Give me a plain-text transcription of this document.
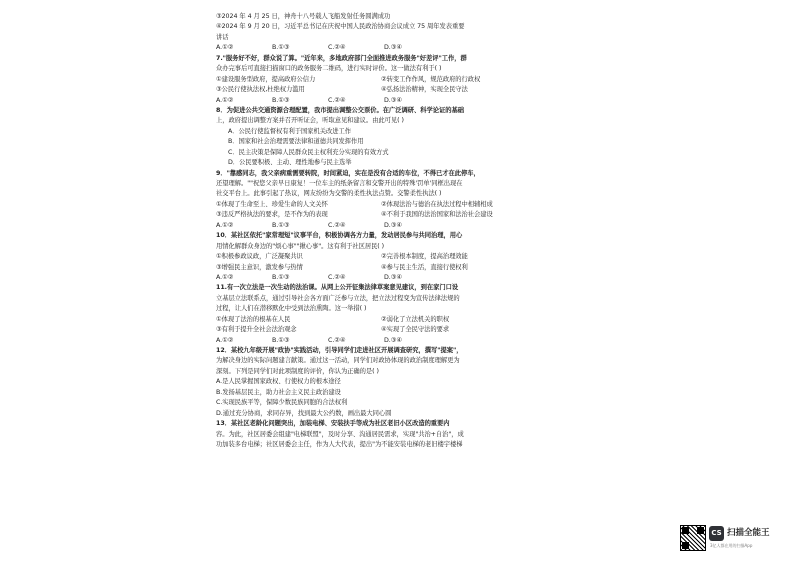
③2024 年 4 月 25 日，神舟十八号载人飞船发射任务圆满成功
④2024 年 9 月 20 日，习近平总书记在庆祝中国人民政治协商会议成立 75 周年发表重要
讲话
A.①②	B.①③	C.②④	D.③④
7."服务好不好，群众说了算。"近年来，多地政府部门全面推进政务服务"好差评"工作，群
众办完事后可直接扫描窗口的政务服务二维码，进行实时评价。这一做法有利于( )
①建设服务型政府，提高政府公信力	②转变工作作风，规范政府的行政权
③公民行使执法权,杜绝权力滥用	④弘扬法治精神，实现全民守法
A.①②	B.①③	C.②④	D.③④
8．为促进公共交通资源合理配置，我市提出调整公交票价。在广泛调研、科学论证的基础
上，政府提出调整方案并召开听证会，听取意见和建议。由此可见( )
A．公民行使监督权有利于国家机关改进工作
B．国家和社会治理需要法律和道德共同发挥作用
C．民主决策是保障人民群众民主权利充分实现的有效方式
D．公民要积极、主动、理性地参与民主选举
9．"靠感同志，我父亲病重需要转院，时间紧迫，实在是没有合适的车位，不得已才在此停车，
还望理解。""祝您父亲早日康复！一位车主的纸条留言和交警开出的特殊'罚单'同框出现在
社交平台上。此事引起了热议，网友纷纷为交警的柔性执法点赞。交警柔性执法( )
①体现了生命至上、珍爱生命的人文关怀	②体现法治与德治在执法过程中相辅相成
③违反严格执法的要求，是不作为的表现	④不利于我国的法治国家和法治社会建设
A.①②	B.①③	C.②④	D.③④
10．某社区依托"家常理短"议事平台，积极协调各方力量，发动居民参与共同治理，用心
用情化解群众身边的"烦心事""揪心事"。这有利于社区居民( )
①积极参政议政，广泛凝聚共识	②完善根本制度，提高治理效能
③增强民主意识，激发参与热情	④参与民主生活，直接行使权利
A.①②	B.①③	C.②④	D.③④
11.有一次立法是一次生动的法治课。从网上公开征集法律草案意见建议，到在家门口设
立基层立法联系点，通过引导社会各方面广泛参与立法，把立法过程变为宣传法律法规的
过程，让人们在潜移默化中受到法治熏陶。这一举措( )
①体现了法治的根基在人民	②弱化了立法机关的职权
③有利于提升全社会法治观念	④实现了全民守法的要求
A.①②	B.①③	C.②④	D.③④
12．某校九年级开展"政协"实践活动，引导同学们走进社区开展调查研究，撰写"提案"，
为解决身边的实际问题建言献策。通过这一活动，同学们对政协体现的政治制度理解更为
深刻。下列是同学们对此项制度的评价，你认为正确的是( )
A.是人民掌握国家政权、行使权力的根本途径
B.发扬基层民主，助力社会主义民主政治建设
C.实现民族平等，保障少数民族同胞的合法权利
D.通过充分协商，求同存异，找到最大公约数，画出最大同心圆
13．某社区老龄化问题突出，加装电梯、安装扶手等成为社区老旧小区改造的重要内
容。为此，社区居委会组建"电梯联盟"，及时分享、沟通居民需求，实现"共治+自治"，成
功加装多台电梯；社区居委会主任，作为人大代表，提出"为不能安装电梯的老旧楼宇楼梯
CS 扫描全能王
3亿人都在用的扫描App
